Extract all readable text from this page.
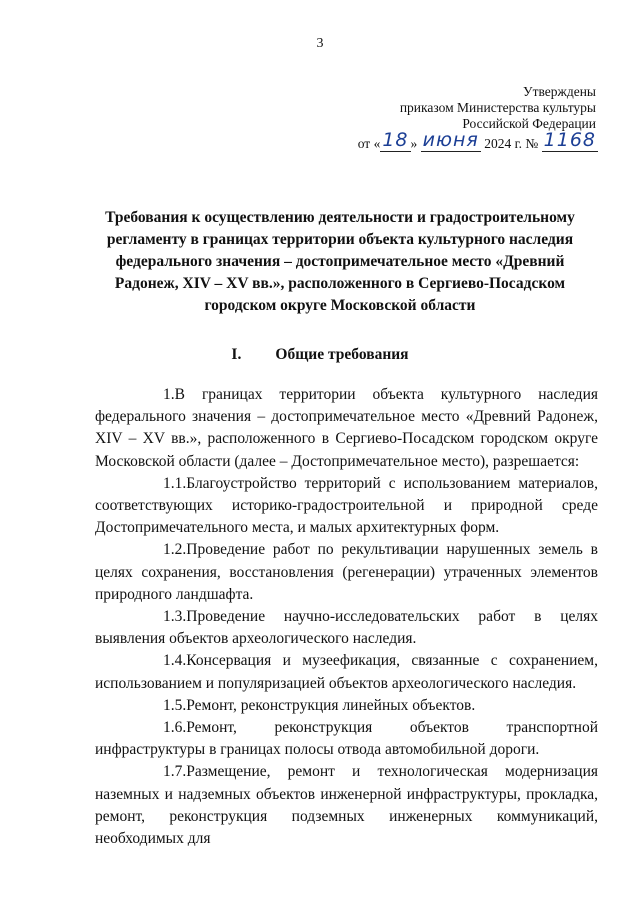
3
Утверждены
приказом Министерства культуры
Российской Федерации
от « 18 » июня 2024 г. № 1168
Требования к осуществлению деятельности и градостроительному регламенту в границах территории объекта культурного наследия федерального значения – достопримечательное место «Древний Радонеж, XIV – XV вв.», расположенного в Сергиево-Посадском городском округе Московской области
I. Общие требования

1.В границах территории объекта культурного наследия федерального значения – достопримечательное место «Древний Радонеж, XIV – XV вв.», расположенного в Сергиево-Посадском городском округе Московской области (далее – Достопримечательное место), разрешается:

1.1.Благоустройство территорий с использованием материалов, соответствующих историко-градостроительной и природной среде Достопримечательного места, и малых архитектурных форм.

1.2.Проведение работ по рекультивации нарушенных земель в целях сохранения, восстановления (регенерации) утраченных элементов природного ландшафта.

1.3.Проведение научно-исследовательских работ в целях выявления объектов археологического наследия.

1.4.Консервация и музеефикация, связанные с сохранением, использованием и популяризацией объектов археологического наследия.

1.5.Ремонт, реконструкция линейных объектов.

1.6.Ремонт, реконструкция объектов транспортной инфраструктуры в границах полосы отвода автомобильной дороги.

1.7.Размещение, ремонт и технологическая модернизация наземных и надземных объектов инженерной инфраструктуры, прокладка, ремонт, реконструкция подземных инженерных коммуникаций, необходимых для
